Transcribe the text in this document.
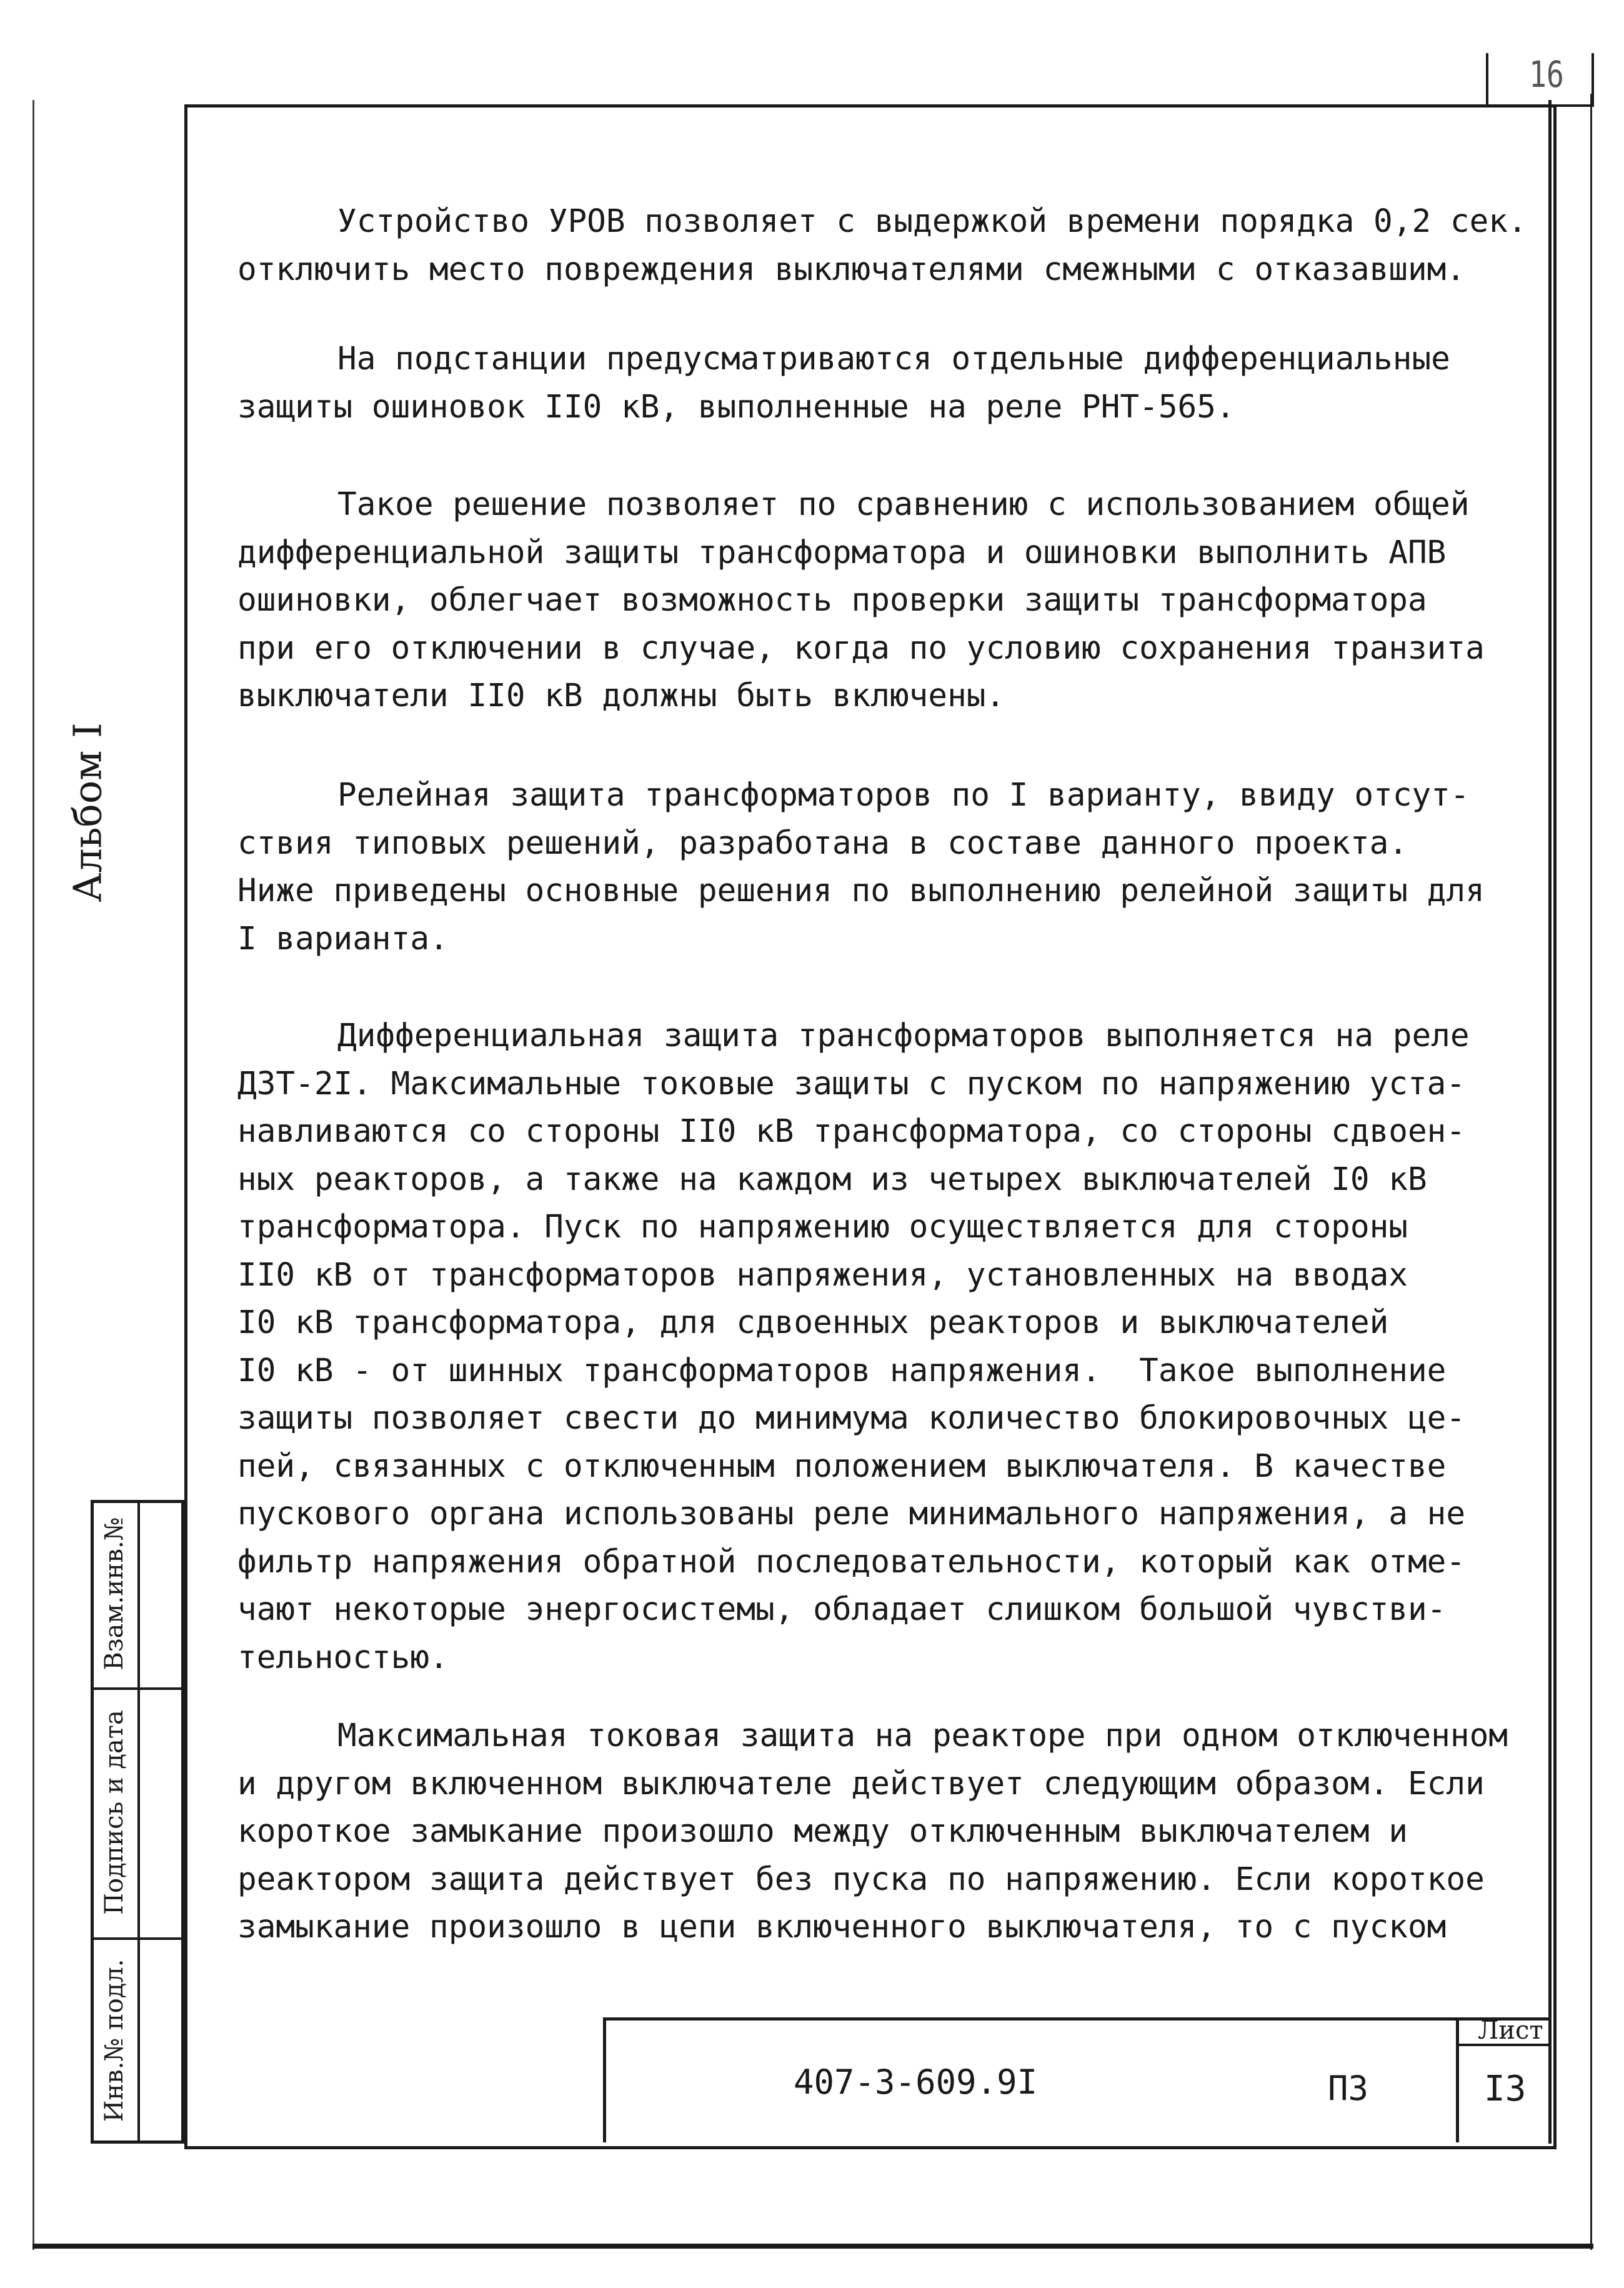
16
Альбом I
Инв.№ подл.
Подпись и дата
Взам.инв.№
407-3-609.9I	ПЗ
Лист
I3
Устройство УРОВ позволяет с выдержкой времени порядка 0,2 сек.
отключить место повреждения выключателями смежными с отказавшим.
На подстанции предусматриваются отдельные дифференциальные
защиты ошиновок II0 кВ, выполненные на реле РНТ-565.
Такое решение позволяет по сравнению с использованием общей
дифференциальной защиты трансформатора и ошиновки выполнить АПВ
ошиновки, облегчает возможность проверки защиты трансформатора
при его отключении в случае, когда по условию сохранения транзита
выключатели II0 кВ должны быть включены.
Релейная защита трансформаторов по I варианту, ввиду отсут-
ствия типовых решений, разработана в составе данного проекта.
Ниже приведены основные решения по выполнению релейной защиты для
I варианта.
Дифференциальная защита трансформаторов выполняется на реле
ДЗТ-2I. Максимальные токовые защиты с пуском по напряжению уста-
навливаются со стороны II0 кВ трансформатора, со стороны сдвоен-
ных реакторов, а также на каждом из четырех выключателей I0 кВ
трансформатора. Пуск по напряжению осуществляется для стороны
II0 кВ от трансформаторов напряжения, установленных на вводах
I0 кВ трансформатора, для сдвоенных реакторов и выключателей
I0 кВ - от шинных трансформаторов напряжения.  Такое выполнение
защиты позволяет свести до минимума количество блокировочных це-
пей, связанных с отключенным положением выключателя. В качестве
пускового органа использованы реле минимального напряжения, а не
фильтр напряжения обратной последовательности, который как отме-
чают некоторые энергосистемы, обладает слишком большой чувстви-
тельностью.
Максимальная токовая защита на реакторе при одном отключенном
и другом включенном выключателе действует следующим образом. Если
короткое замыкание произошло между отключенным выключателем и
реактором защита действует без пуска по напряжению. Если короткое
замыкание произошло в цепи включенного выключателя, то с пуском
